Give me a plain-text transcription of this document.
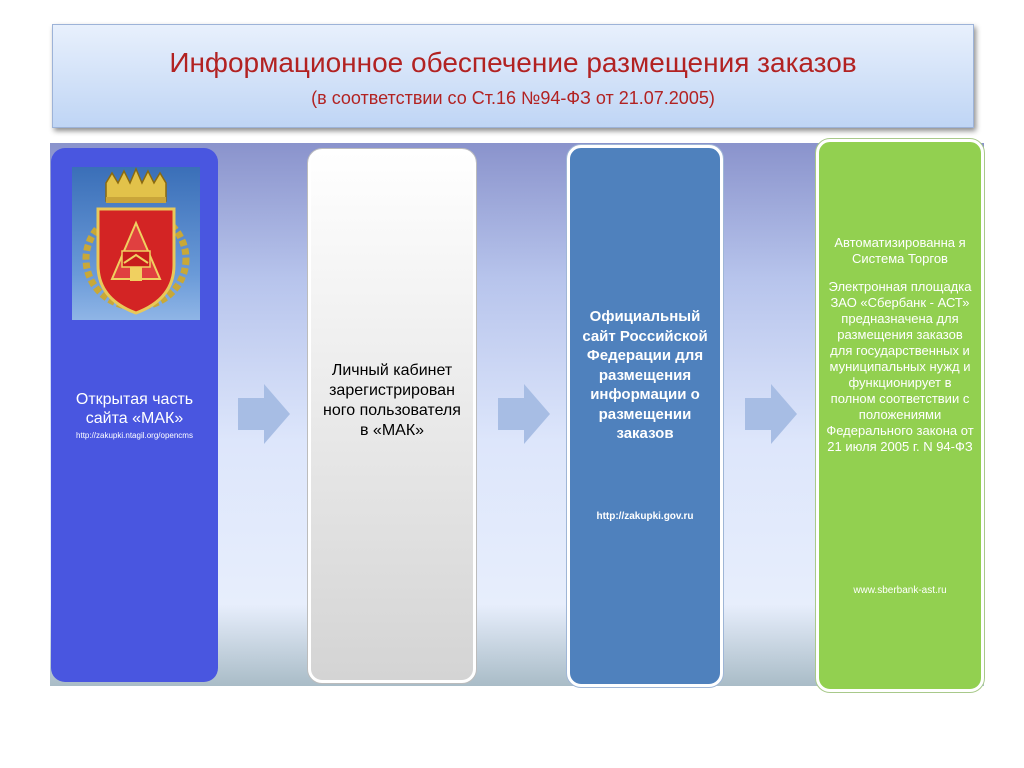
Информационное обеспечение размещения заказов
(в соответствии со Ст.16 №94-ФЗ от 21.07.2005)
Открытая часть сайта «МАК»
http://zakupki.ntagil.org/opencms
Личный кабинет зарегистрирован ного пользователя в «МАК»
Официальный сайт Российской Федерации для размещения информации о размещении заказов
http://zakupki.gov.ru
Автоматизированна я Система Торгов
Электронная площадка ЗАО «Сбербанк - АСТ» предназначена для размещения заказов для государственных и муниципальных нужд и функционирует в полном соответствии с положениями Федерального закона от 21 июля 2005 г. N 94-ФЗ
www.sberbank-ast.ru
